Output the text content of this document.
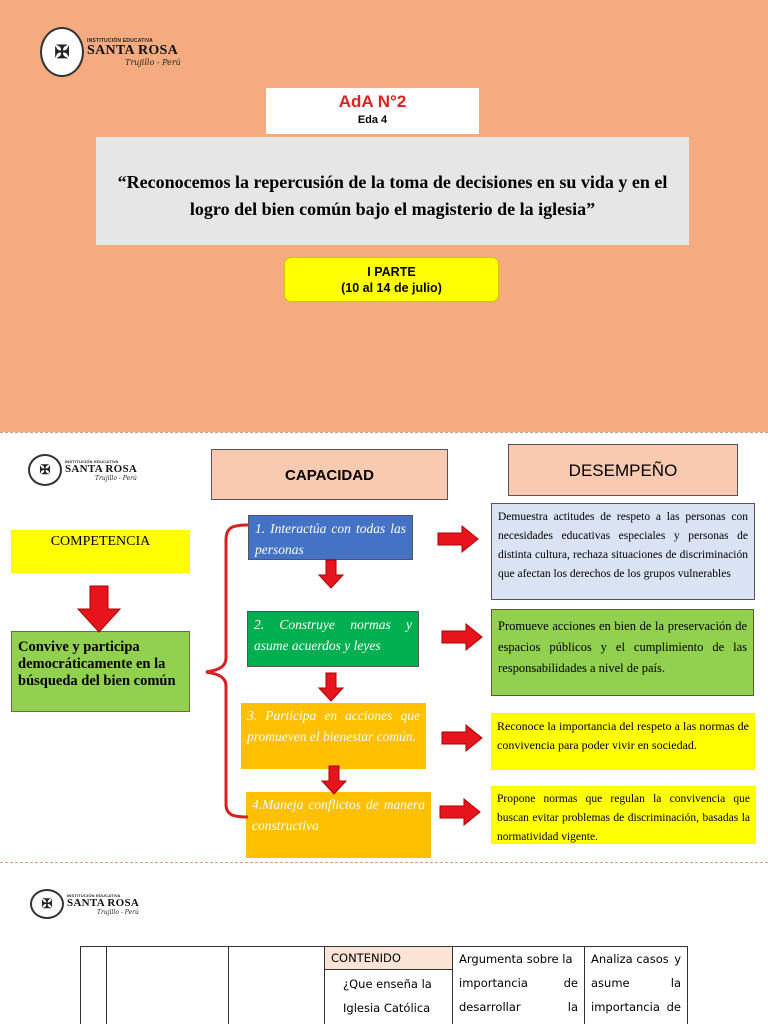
✠
INSTITUCIÓN EDUCATIVA
SANTA ROSA
Trujillo - Perú
AdA N°2
Eda 4
“Reconocemos la repercusión de la toma de decisiones en su vida y en el logro del bien común bajo el magisterio de la iglesia”
I PARTE
(10 al 14 de julio)
✠
INSTITUCIÓN EDUCATIVA
SANTA ROSA
Trujillo - Perú	CAPACIDAD	DESEMPEÑO
COMPETENCIA
Convive y participa democráticamente en la búsqueda del bien común
1. Interactúa con todas las personas
2. Construye normas y asume acuerdos y leyes
3. Participa en acciones que promueven el bienestar común.
4.Maneja conflictos de manera constructiva
Demuestra actitudes de respeto a las personas con necesidades educativas especiales y personas de distinta cultura, rechaza situaciones de discriminación que afectan los derechos de los grupos vulnerables
Promueve acciones en bien de la preservación de espacios públicos y el cumplimiento de las responsabilidades a nivel de país.
Reconoce la importancia del respeto a las normas de convivencia para poder vivir en sociedad.
Propone normas que regulan la convivencia que buscan evitar problemas de discriminación, basadas la normatividad vigente.
✠
INSTITUCIÓN EDUCATIVA
SANTA ROSA
Trujillo - Perú

CONTENIDO
¿Que enseña la
Iglesia Católica

Argumenta sobre la
importancia	de
desarrollar	la

Analiza casos y
asume	la
importancia de
